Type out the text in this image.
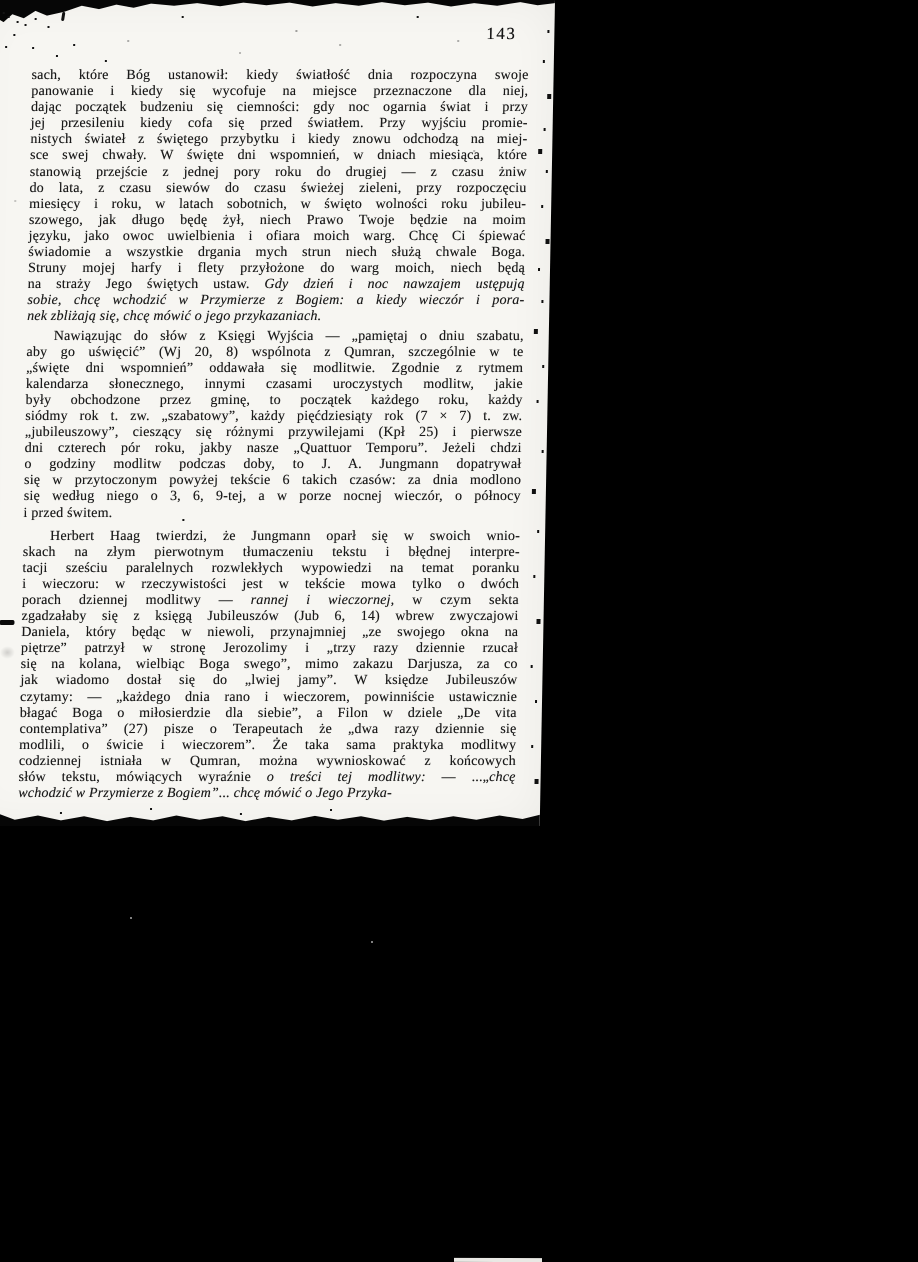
143
sach, które Bóg ustanowił: kiedy światłość dnia rozpoczyna swoje
panowanie i kiedy się wycofuje na miejsce przeznaczone dla niej,
dając początek budzeniu się ciemności: gdy noc ogarnia świat i przy
jej przesileniu kiedy cofa się przed światłem. Przy wyjściu promie-
nistych świateł z świętego przybytku i kiedy znowu odchodzą na miej-
sce swej chwały. W święte dni wspomnień, w dniach miesiąca, które
stanowią przejście z jednej pory roku do drugiej — z czasu żniw
do lata, z czasu siewów do czasu świeżej zieleni, przy rozpoczęciu
miesięcy i roku, w latach sobotnich, w święto wolności roku jubileu-
szowego, jak długo będę żył, niech Prawo Twoje będzie na moim
języku, jako owoc uwielbienia i ofiara moich warg. Chcę Ci śpiewać
świadomie a wszystkie drgania mych strun niech służą chwale Boga.
Struny mojej harfy i flety przyłożone do warg moich, niech będą
na straży Jego świętych ustaw. Gdy dzień i noc nawzajem ustępują
sobie, chcę wchodzić w Przymierze z Bogiem: a kiedy wieczór i pora-
nek zbliżają się, chcę mówić o jego przykazaniach.
Nawiązując do słów z Księgi Wyjścia — „pamiętaj o dniu szabatu,
aby go uświęcić” (Wj 20, 8) wspólnota z Qumran, szczególnie w te
„święte dni wspomnień” oddawała się modlitwie. Zgodnie z rytmem
kalendarza słonecznego, innymi czasami uroczystych modlitw, jakie
były obchodzone przez gminę, to początek każdego roku, każdy
siódmy rok t. zw. „szabatowy”, każdy pięćdziesiąty rok (7 × 7) t. zw.
„jubileuszowy”, cieszący się różnymi przywilejami (Kpł 25) i pierwsze
dni czterech pór roku, jakby nasze „Quattuor Temporu”. Jeżeli chdzi
o godziny modlitw podczas doby, to J. A. Jungmann dopatrywał
się w przytoczonym powyżej tekście 6 takich czasów: za dnia modlono
się według niego o 3, 6, 9-tej, a w porze nocnej wieczór, o północy
i przed świtem.
Herbert Haag twierdzi, że Jungmann oparł się w swoich wnio-
skach na złym pierwotnym tłumaczeniu tekstu i błędnej interpre-
tacji sześciu paralelnych rozwlekłych wypowiedzi na temat poranku
i wieczoru: w rzeczywistości jest w tekście mowa tylko o dwóch
porach dziennej modlitwy — rannej i wieczornej, w czym sekta
zgadzałaby się z księgą Jubileuszów (Jub 6, 14) wbrew zwyczajowi
Daniela, który będąc w niewoli, przynajmniej „ze swojego okna na
piętrze” patrzył w stronę Jerozolimy i „trzy razy dziennie rzucał
się na kolana, wielbiąc Boga swego”, mimo zakazu Darjusza, za co
jak wiadomo dostał się do „lwiej jamy”. W księdze Jubileuszów
czytamy: — „każdego dnia rano i wieczorem, powinniście ustawicznie
błagać Boga o miłosierdzie dla siebie”, a Filon w dziele „De vita
contemplativa” (27) pisze o Terapeutach że „dwa razy dziennie się
modlili, o świcie i wieczorem”. Że taka sama praktyka modlitwy
codziennej istniała w Qumran, można wywnioskować z końcowych
słów tekstu, mówiących wyraźnie o treści tej modlitwy: — ...„chcę
wchodzić w Przymierze z Bogiem”... chcę mówić o Jego Przyka-
